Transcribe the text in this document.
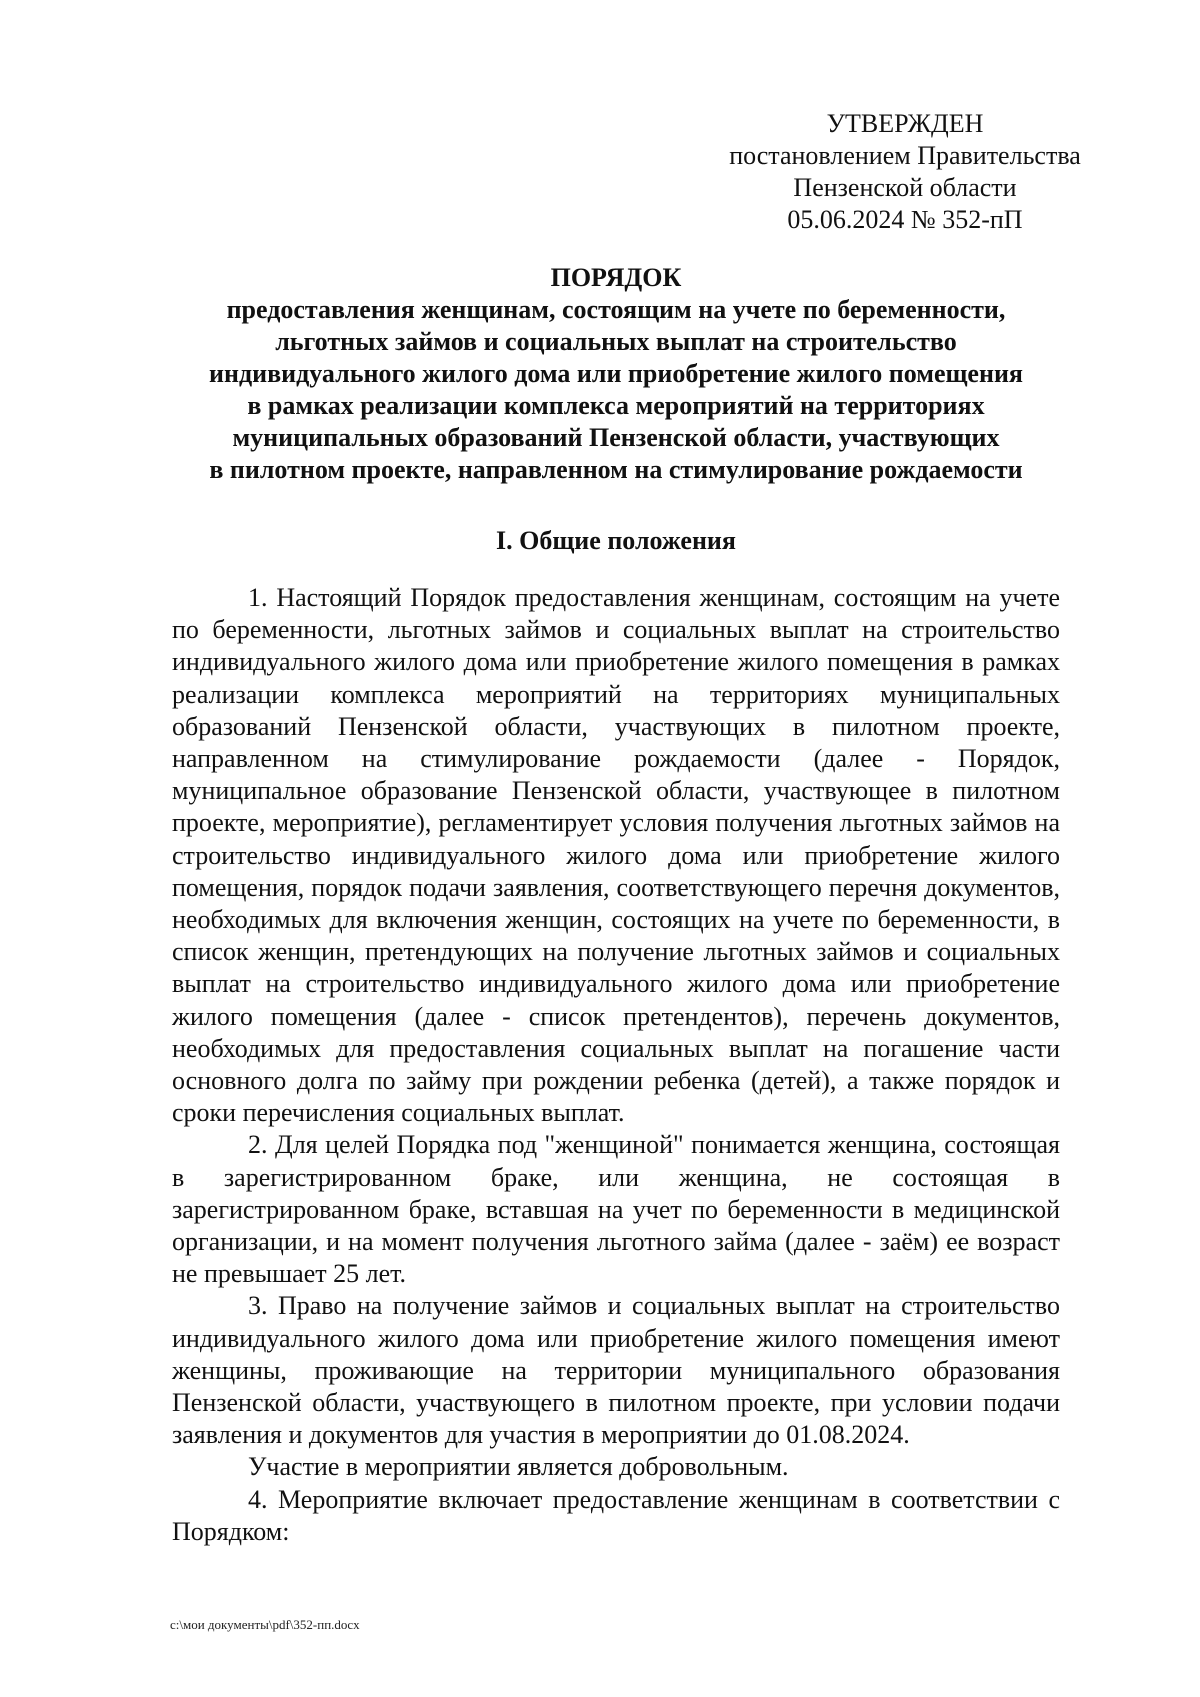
УТВЕРЖДЕН
постановлением Правительства
Пензенской области
05.06.2024 № 352-пП
ПОРЯДОК
предоставления женщинам, состоящим на учете по беременности,
льготных займов и социальных выплат на строительство
индивидуального жилого дома или приобретение жилого помещения
в рамках реализации комплекса мероприятий на территориях
муниципальных образований Пензенской области, участвующих
в пилотном проекте, направленном на стимулирование рождаемости
I. Общие положения

1. Настоящий Порядок предоставления женщинам, состоящим на учете по беременности, льготных займов и социальных выплат на строительство индивидуального жилого дома или приобретение жилого помещения в рамках реализации комплекса мероприятий на территориях муниципальных образований Пензенской области, участвующих в пилотном проекте, направленном на стимулирование рождаемости (далее - Порядок, муниципальное образование Пензенской области, участвующее в пилотном проекте, мероприятие), регламентирует условия получения льготных займов на строительство индивидуального жилого дома или приобретение жилого помещения, порядок подачи заявления, соответствующего перечня документов, необходимых для включения женщин, состоящих на учете по беременности, в список женщин, претендующих на получение льготных займов и социальных выплат на строительство индивидуального жилого дома или приобретение жилого помещения (далее - список претендентов), перечень документов, необходимых для предоставления социальных выплат на погашение части основного долга по займу при рождении ребенка (детей), а также порядок и сроки перечисления социальных выплат.

2. Для целей Порядка под "женщиной" понимается женщина, состоящая в зарегистрированном браке, или женщина, не состоящая в зарегистрированном браке, вставшая на учет по беременности в медицинской организации, и на момент получения льготного займа (далее - заём) ее возраст не превышает 25 лет.

3. Право на получение займов и социальных выплат на строительство индивидуального жилого дома или приобретение жилого помещения имеют женщины, проживающие на территории муниципального образования Пензенской области, участвующего в пилотном проекте, при условии подачи заявления и документов для участия в мероприятии до 01.08.2024.

Участие в мероприятии является добровольным.

4. Мероприятие включает предоставление женщинам в соответствии с Порядком:

c:\мои документы\pdf\352-пп.docx
